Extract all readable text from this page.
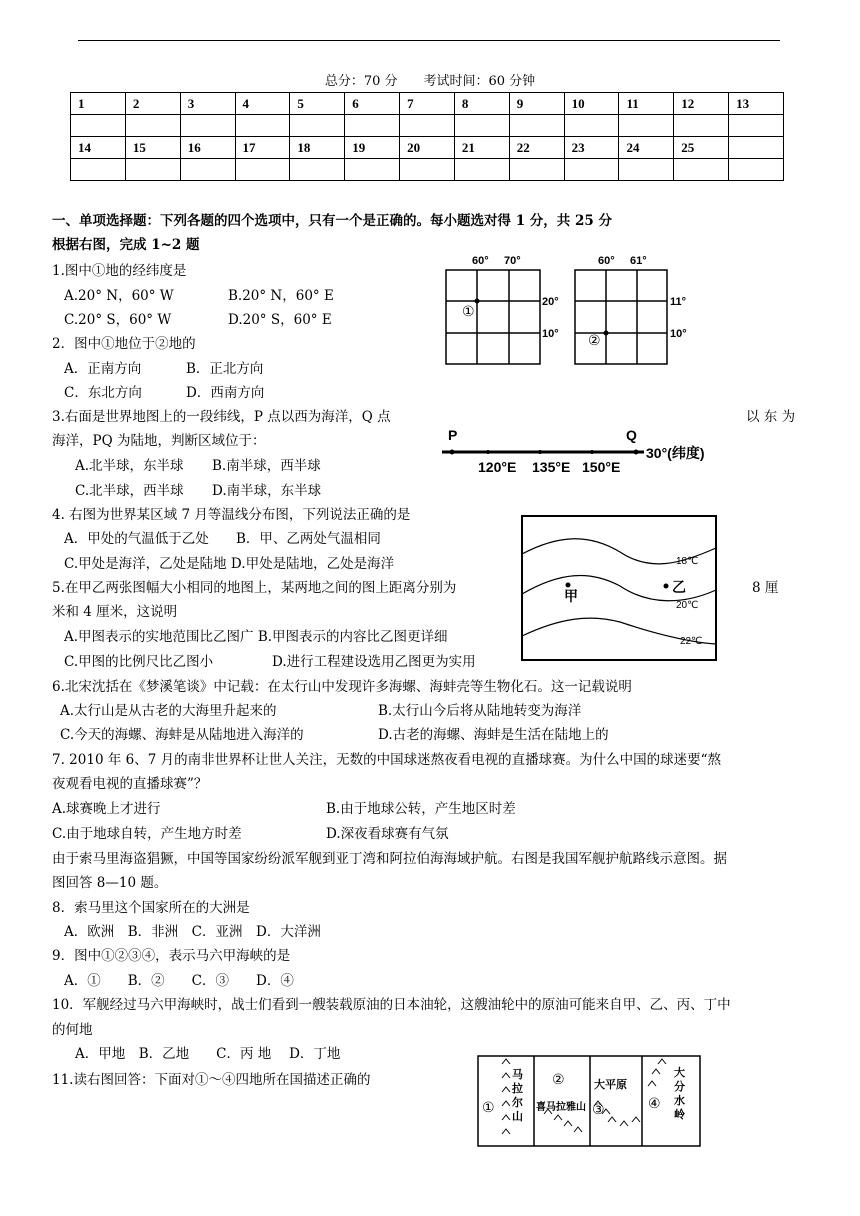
总分：70 分　　考试时间：60 分钟
1	2	3	4	5	6	7	8	9	10	11	12	13

14	15	16	17	18	19	20	21	22	23	24	25	

一、单项选择题：下列各题的四个选项中，只有一个是正确的。每小题选对得 1 分，共 25 分
根据右图，完成 1~2 题
1.图中①地的经纬度是
A.20° N，60° W	B.20° N，60° E
C.20° S，60° W	D.20° S，60° E
2．图中①地位于②地的
A．正南方向	B．正北方向
C．东北方向	D．西南方向
3.右面是世界地图上的一段纬线，P 点以西为海洋，Q 点	以 东 为
海洋，PQ 为陆地，判断区域位于：
A.北半球，东半球 B.南半球，西半球
C.北半球，西半球 D.南半球，东半球
4. 右图为世界某区域 7 月等温线分布图，下列说法正确的是
A．甲处的气温低于乙处 B．甲、乙两处气温相同
C.甲处是海洋，乙处是陆地 D.甲处是陆地，乙处是海洋
5.在甲乙两张图幅大小相同的地图上，某两地之间的图上距离分别为	8 厘
米和 4 厘米，这说明
A.甲图表示的实地范围比乙图广 B.甲图表示的内容比乙图更详细
C.甲图的比例尺比乙图小	D.进行工程建设选用乙图更为实用
6.北宋沈括在《梦溪笔谈》中记载：在太行山中发现许多海螺、海蚌壳等生物化石。这一记载说明
A.太行山是从古老的大海里升起来的	B.太行山今后将从陆地转变为海洋
C.今天的海螺、海蚌是从陆地进入海洋的	D.古老的海螺、海蚌是生活在陆地上的
7. 2010 年 6、7 月的南非世界杯让世人关注，无数的中国球迷熬夜看电视的直播球赛。为什么中国的球迷要“熬
夜观看电视的直播球赛”？
A.球赛晚上才进行	B.由于地球公转，产生地区时差
C.由于地球自转，产生地方时差	D.深夜看球赛有气氛
由于索马里海盗猖獗，中国等国家纷纷派军舰到亚丁湾和阿拉伯海海域护航。右图是我国军舰护航路线示意图。据
图回答 8—10 题。
8．索马里这个国家所在的大洲是
A．欧洲　B．非洲　C．亚洲　D．大洋洲
9．图中①②③④，表示马六甲海峡的是
A．①　　B．②　　C．③　　D．④
10．军舰经过马六甲海峡时，战士们看到一艘装载原油的日本油轮，这艘油轮中的原油可能来自甲、乙、丙、丁中
的何地
A．甲地　B．乙地　　C．丙 地　 D．丁地
11.读右图回答：下面对①～④四地所在国描述正确的
60° 70°
①
20°
10°
60° 61°
②
11°
10°
P	Q
120°E 135°E 150°E
30°(纬度)
18℃
20℃
22℃
甲
乙
①
②
③	④
马
拉
尔
山
喜马拉雅山
大平原
大
分
水
岭
